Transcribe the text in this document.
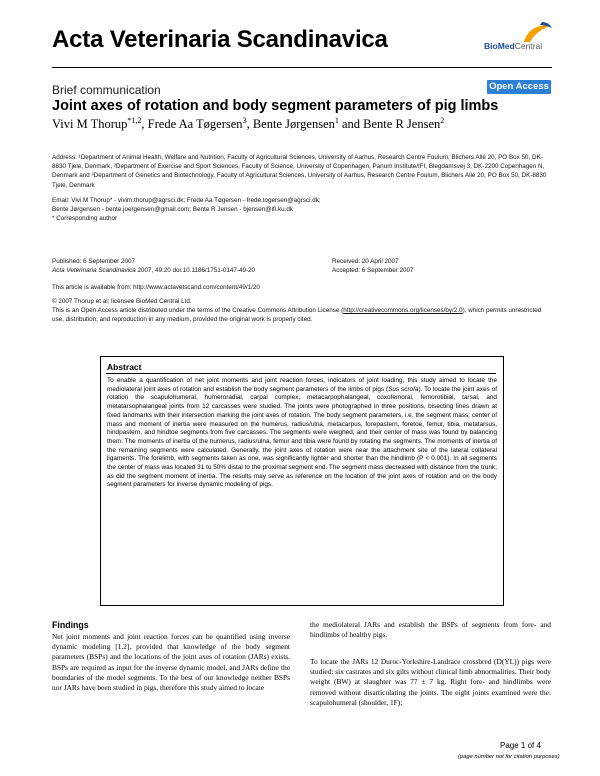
Acta Veterinaria Scandinavica	BioMedCentral
Brief communication	Open Access
Joint axes of rotation and body segment parameters of pig limbs
Vivi M Thorup$^{*1,2}$, Frede Aa Tøgersen$^3$, Bente Jørgensen$^1$ and Bente R Jensen$^2$
Address: ¹Department of Animal Health, Welfare and Nutrition, Faculty of Agricultural Sciences, University of Aarhus, Research Centre Foulum, Blichers Allé 20, PO Box 50, DK-8830 Tjele, Denmark, ²Department of Exercise and Sport Sciences, Faculty of Science, University of Copenhagen, Panum Institute/IFI, Blegdamsvej 3, DK-2200 Copenhagen N, Denmark and ³Department of Genetics and Biotechnology, Faculty of Agricultural Sciences, University of Aarhus, Research Centre Foulum, Blichers Allé 20, PO Box 50, DK-8830 Tjele, Denmark
Email: Vivi M Thorup* - vivim.thorup@agrsci.dk; Frede Aa Tøgersen - frede.togersen@agrsci.dk;
Bente Jørgensen - bente.joergensen@gmail.com; Bente R Jensen - bjensen@ifi.ku.dk
* Corresponding author
Published: 6 September 2007
Acta Veterinaria Scandinavica 2007, 49:20 doi:10.1186/1751-0147-49-20
Received: 20 April 2007
Accepted: 6 September 2007
This article is available from: http://www.actavetscand.com/content/49/1/20
© 2007 Thorup et al; licensee BioMed Central Ltd.
This is an Open Access article distributed under the terms of the Creative Commons Attribution License (http://creativecommons.org/licenses/by/2.0), which permits unrestricted use, distribution, and reproduction in any medium, provided the original work is properly cited.
Abstract
To enable a quantification of net joint moments and joint reaction forces, indicators of joint loading, this study aimed to locate the mediolateral joint axes of rotation and establish the body segment parameters of the limbs of pigs (Sus scrofa). To locate the joint axes of rotation the scapulohumeral, humeroradial, carpal complex, metacarpophalangeal, coxofemoral, femorotibial, tarsal, and metatarsophalangeal joints from 12 carcasses were studied. The joints were photographed in three positions, bisecting lines drawn at fixed landmarks with their intersection marking the joint axes of rotation. The body segment parameters, i.e. the segment mass, center of mass and moment of inertia were measured on the humerus, radius/ulna, metacarpus, forepastern, foretoe, femur, tibia, metatarsus, hindpastern, and hindtoe segments from five carcasses. The segments were weighed, and their center of mass was found by balancing them. The moments of inertia of the humerus, radius/ulna, femur and tibia were found by rotating the segments. The moments of inertia of the remaining segments were calculated. Generally, the joint axes of rotation were near the attachment site of the lateral collateral ligaments. The forelimb, with segments taken as one, was significantly lighter and shorter than the hindlimb (P < 0.001). In all segments the center of mass was located 31 to 50% distal to the proximal segment end. The segment mass decreased with distance from the trunk, as did the segment moment of inertia. The results may serve as reference on the location of the joint axes of rotation and on the body segment parameters for inverse dynamic modeling of pigs.
Findings
Net joint moments and joint reaction forces can be quantified using inverse dynamic modeling [1,2], provided that knowledge of the body segment parameters (BSPs) and the locations of the joint axes of rotation (JARs) exists. BSPs are required as input for the inverse dynamic model, and JARs define the boundaries of the model segments. To the best of our knowledge neither BSPs nor JARs have been studied in pigs, therefore this study aimed to locate
the mediolateral JARs and establish the BSPs of segments from fore- and hindlimbs of healthy pigs.
To locate the JARs 12 Duroc-Yorkshire-Landrace crossbred (D(YL)) pigs were studied: six castrates and six gilts without clinical limb abnormalities. Their body weight (BW) at slaughter was 77 ± 7 kg. Right fore- and hindlimbs were removed without disarticulating the joints. The eight joints examined were the: scapulohumeral (shoulder, 1F);
Page 1 of 4
(page number not for citation purposes)
